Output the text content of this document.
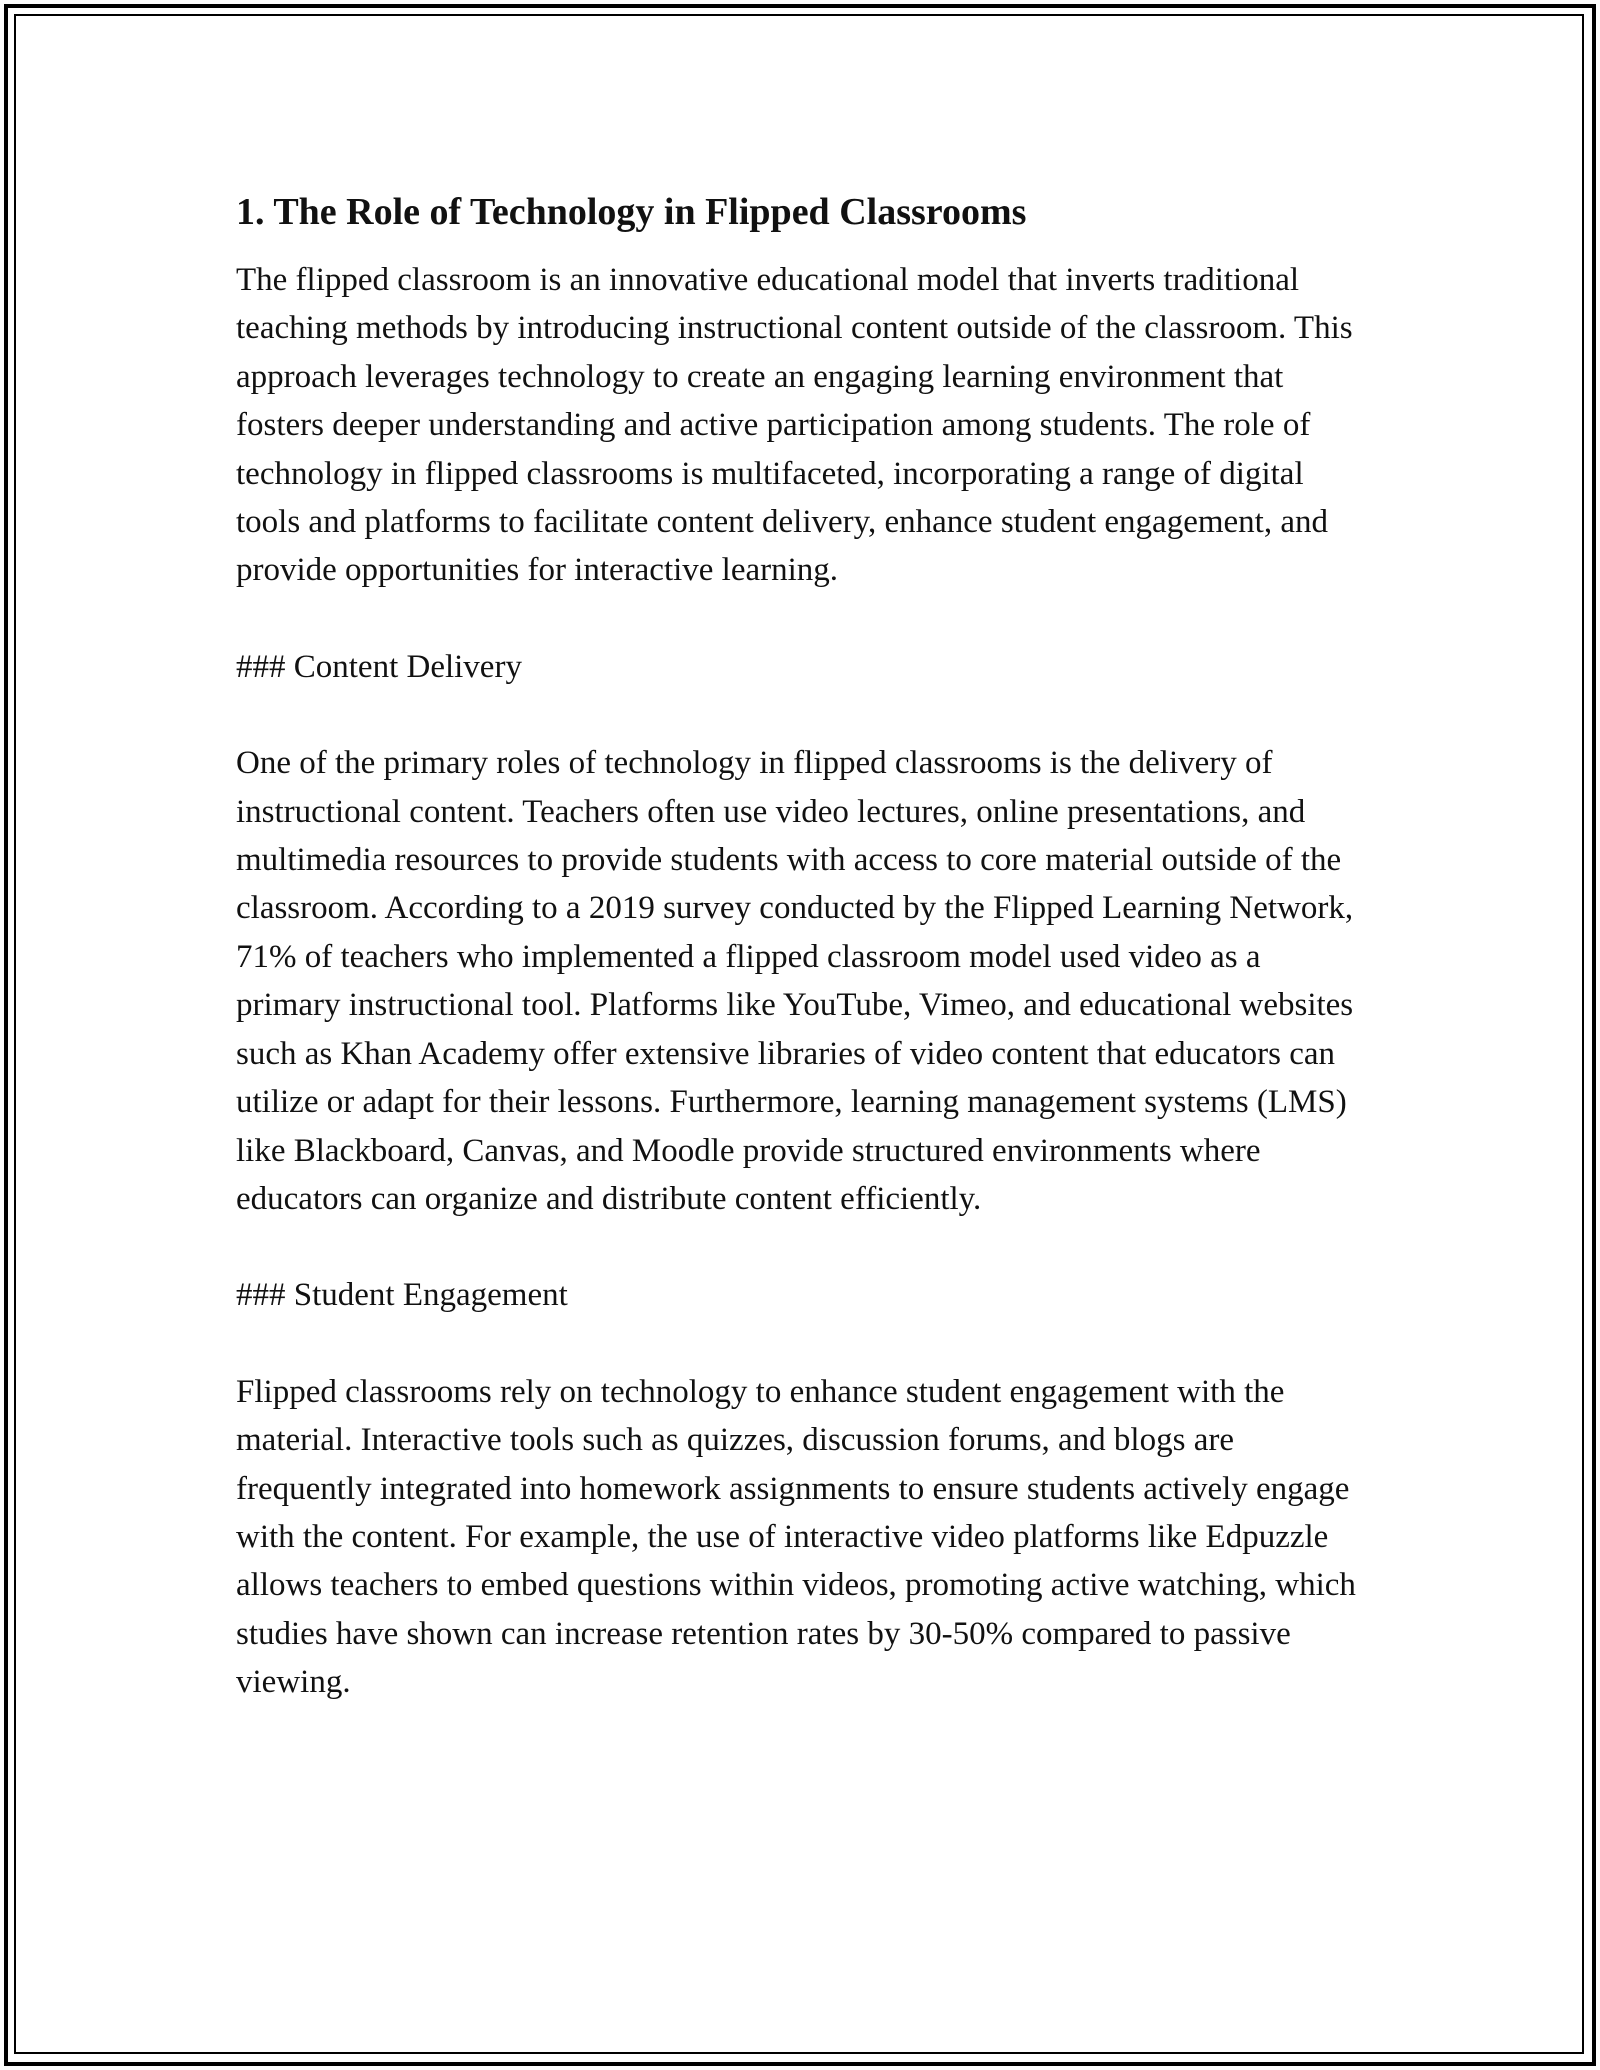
1. The Role of Technology in Flipped Classrooms

The flipped classroom is an innovative educational model that inverts traditional teaching methods by introducing instructional content outside of the classroom. This approach leverages technology to create an engaging learning environment that fosters deeper understanding and active participation among students. The role of technology in flipped classrooms is multifaceted, incorporating a range of digital tools and platforms to facilitate content delivery, enhance student engagement, and provide opportunities for interactive learning.

### Content Delivery

One of the primary roles of technology in flipped classrooms is the delivery of instructional content. Teachers often use video lectures, online presentations, and multimedia resources to provide students with access to core material outside of the classroom. According to a 2019 survey conducted by the Flipped Learning Network, 71% of teachers who implemented a flipped classroom model used video as a primary instructional tool. Platforms like YouTube, Vimeo, and educational websites such as Khan Academy offer extensive libraries of video content that educators can utilize or adapt for their lessons. Furthermore, learning management systems (LMS) like Blackboard, Canvas, and Moodle provide structured environments where educators can organize and distribute content efficiently.

### Student Engagement

Flipped classrooms rely on technology to enhance student engagement with the material. Interactive tools such as quizzes, discussion forums, and blogs are frequently integrated into homework assignments to ensure students actively engage with the content. For example, the use of interactive video platforms like Edpuzzle allows teachers to embed questions within videos, promoting active watching, which studies have shown can increase retention rates by 30-50% compared to passive viewing.
